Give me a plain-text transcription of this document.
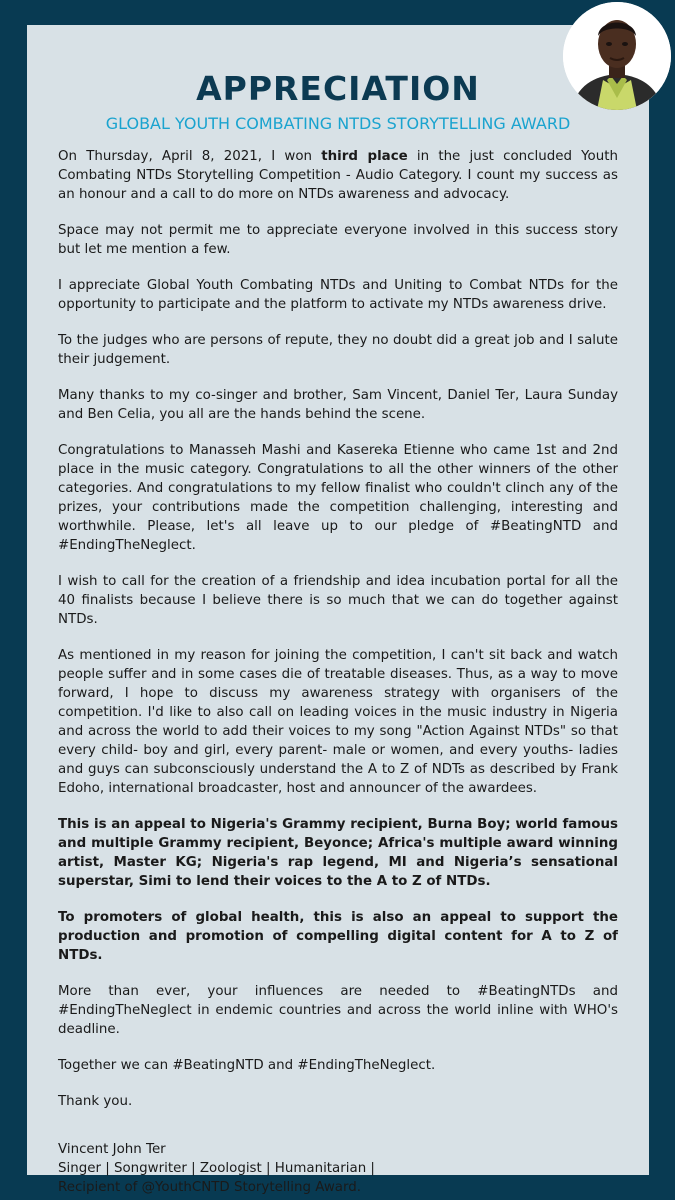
APPRECIATION
GLOBAL YOUTH COMBATING NTDS STORYTELLING AWARD

On Thursday, April 8, 2021, I won third place in the just concluded Youth Combating NTDs Storytelling Competition - Audio Category. I count my success as an honour and a call to do more on NTDs awareness and advocacy.

Space may not permit me to appreciate everyone involved in this success story but let me mention a few.

I appreciate Global Youth Combating NTDs and Uniting to Combat NTDs for the opportunity to participate and the platform to activate my NTDs awareness drive.

To the judges who are persons of repute, they no doubt did a great job and I salute their judgement.

Many thanks to my co-singer and brother, Sam Vincent, Daniel Ter, Laura Sunday and Ben Celia, you all are the hands behind the scene.

Congratulations to Manasseh Mashi and Kasereka Etienne who came 1st and 2nd place in the music category. Congratulations to all the other winners of the other categories. And congratulations to my fellow finalist who couldn't clinch any of the prizes, your contributions made the competition challenging, interesting and worthwhile. Please, let's all leave up to our pledge of #BeatingNTD and #EndingTheNeglect.

I wish to call for the creation of a friendship and idea incubation portal for all the 40 finalists because I believe there is so much that we can do together against NTDs.

As mentioned in my reason for joining the competition, I can't sit back and watch people suffer and in some cases die of treatable diseases. Thus, as a way to move forward, I hope to discuss my awareness strategy with organisers of the competition. I'd like to also call on leading voices in the music industry in Nigeria and across the world to add their voices to my song "Action Against NTDs" so that every child- boy and girl, every parent- male or women, and every youths- ladies and guys can subconsciously understand the A to Z of NDTs as described by Frank Edoho, international broadcaster, host and announcer of the awardees.

This is an appeal to Nigeria's Grammy recipient, Burna Boy; world famous and multiple Grammy recipient, Beyonce; Africa's multiple award winning artist, Master KG; Nigeria's rap legend, MI and Nigeria’s sensational superstar, Simi to lend their voices to the A to Z of NTDs.

To promoters of global health, this is also an appeal to support the production and promotion of compelling digital content for A to Z of NTDs.

More than ever, your influences are needed to #BeatingNTDs and #EndingTheNeglect in endemic countries and across the world inline with WHO's deadline.

Together we can #BeatingNTD and #EndingTheNeglect.

Thank you.

Vincent John Ter
Singer | Songwriter | Zoologist | Humanitarian |
Recipient of @YouthCNTD Storytelling Award.
